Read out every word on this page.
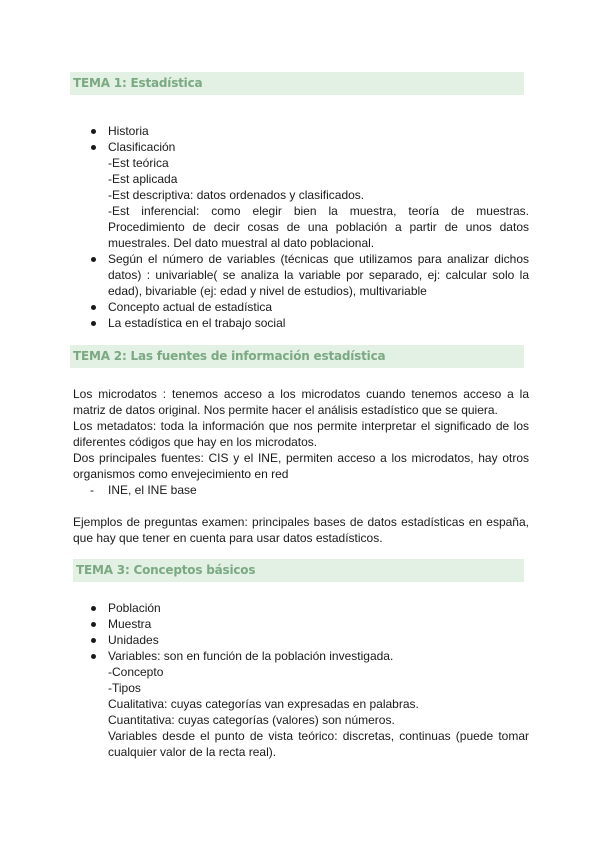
TEMA 1: Estadística
Historia
Clasificación
-Est teórica
-Est aplicada
-Est descriptiva: datos ordenados y clasificados.
-Est inferencial: como elegir bien la muestra, teoría de muestras. Procedimiento de decir cosas de una población a partir de unos datos muestrales. Del dato muestral al dato poblacional.
Según el número de variables (técnicas que utilizamos para analizar dichos datos) : univariable( se analiza la variable por separado, ej: calcular solo la edad), bivariable (ej: edad y nivel de estudios), multivariable
Concepto actual de estadística
La estadística en el trabajo social
TEMA 2: Las fuentes de información estadística
Los microdatos : tenemos acceso a los microdatos cuando tenemos acceso a la matriz de datos original. Nos permite hacer el análisis estadístico que se quiera.
Los metadatos: toda la información que nos permite interpretar el significado de los diferentes códigos que hay en los microdatos.
Dos principales fuentes: CIS y el INE, permiten acceso a los microdatos, hay otros organismos como envejecimiento en red
- INE, el INE base
Ejemplos de preguntas examen: principales bases de datos estadísticas en españa, que hay que tener en cuenta para usar datos estadísticos.
TEMA 3: Conceptos básicos
Población
Muestra
Unidades
Variables: son en función de la población investigada.
-Concepto
-Tipos
Cualitativa: cuyas categorías van expresadas en palabras.
Cuantitativa: cuyas categorías (valores) son números.
Variables desde el punto de vista teórico: discretas, continuas (puede tomar cualquier valor de la recta real).
